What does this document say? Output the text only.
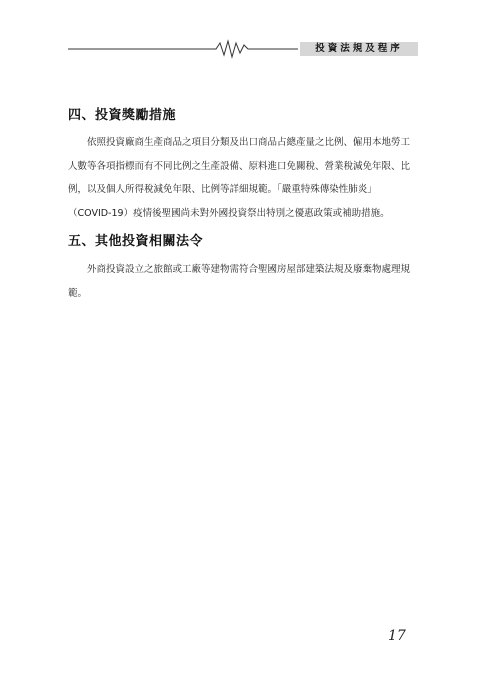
投資法規及程序
四、投資獎勵措施
依照投資廠商生產商品之項目分類及出口商品占總產量之比例、僱用本地勞工
人數等各項指標而有不同比例之生產設備、原料進口免關稅、營業稅減免年限、比
例，以及個人所得稅減免年限、比例等詳細規範。「嚴重特殊傳染性肺炎」
（COVID-19）疫情後聖國尚未對外國投資祭出特別之優惠政策或補助措施。
五、其他投資相關法令
外商投資設立之旅館或工廠等建物需符合聖國房屋部建築法規及廢棄物處理規
範。
17
